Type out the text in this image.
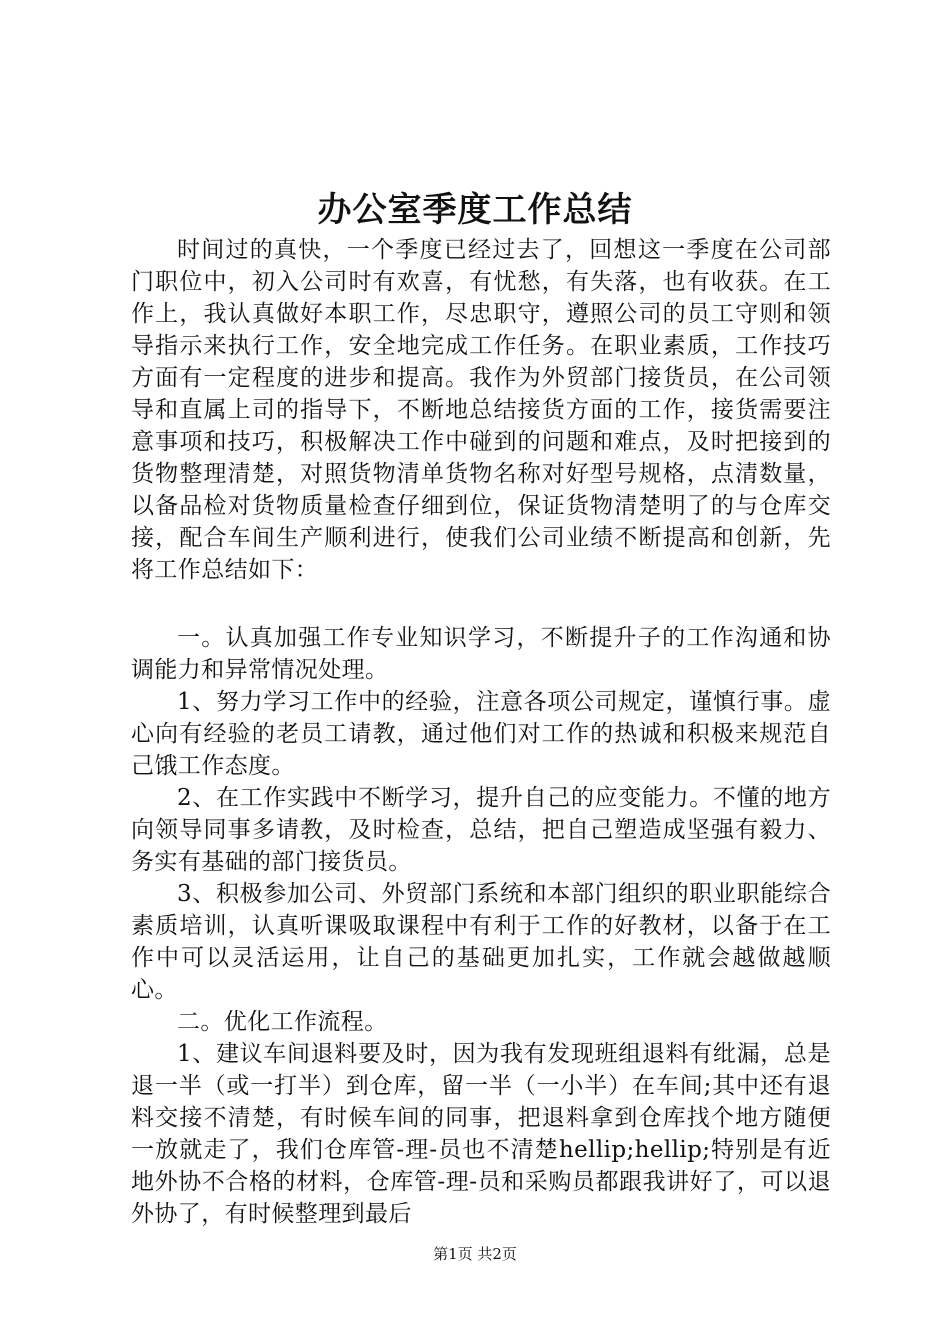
办公室季度工作总结

时间过的真快，一个季度已经过去了，回想这一季度在公司部门职位中，初入公司时有欢喜，有忧愁，有失落，也有收获。在工作上，我认真做好本职工作，尽忠职守，遵照公司的员工守则和领导指示来执行工作，安全地完成工作任务。在职业素质，工作技巧方面有一定程度的进步和提高。我作为外贸部门接货员，在公司领导和直属上司的指导下，不断地总结接货方面的工作，接货需要注意事项和技巧，积极解决工作中碰到的问题和难点，及时把接到的货物整理清楚，对照货物清单货物名称对好型号规格，点清数量，以备品检对货物质量检查仔细到位，保证货物清楚明了的与仓库交接，配合车间生产顺利进行，使我们公司业绩不断提高和创新，先将工作总结如下：

一。认真加强工作专业知识学习，不断提升子的工作沟通和协调能力和异常情况处理。

1、努力学习工作中的经验，注意各项公司规定，谨慎行事。虚心向有经验的老员工请教，通过他们对工作的热诚和积极来规范自己饿工作态度。

2、在工作实践中不断学习，提升自己的应变能力。不懂的地方向领导同事多请教，及时检查，总结，把自己塑造成坚强有毅力、务实有基础的部门接货员。

3、积极参加公司、外贸部门系统和本部门组织的职业职能综合素质培训，认真听课吸取课程中有利于工作的好教材，以备于在工作中可以灵活运用，让自己的基础更加扎实，工作就会越做越顺心。

二。优化工作流程。

1、建议车间退料要及时，因为我有发现班组退料有纰漏，总是退一半（或一打半）到仓库，留一半（一小半）在车间;其中还有退料交接不清楚，有时候车间的同事，把退料拿到仓库找个地方随便一放就走了，我们仓库管-理-员也不清楚hellip;hellip;特别是有近地外协不合格的材料，仓库管-理-员和采购员都跟我讲好了，可以退外协了，有时候整理到最后

第1页 共2页
